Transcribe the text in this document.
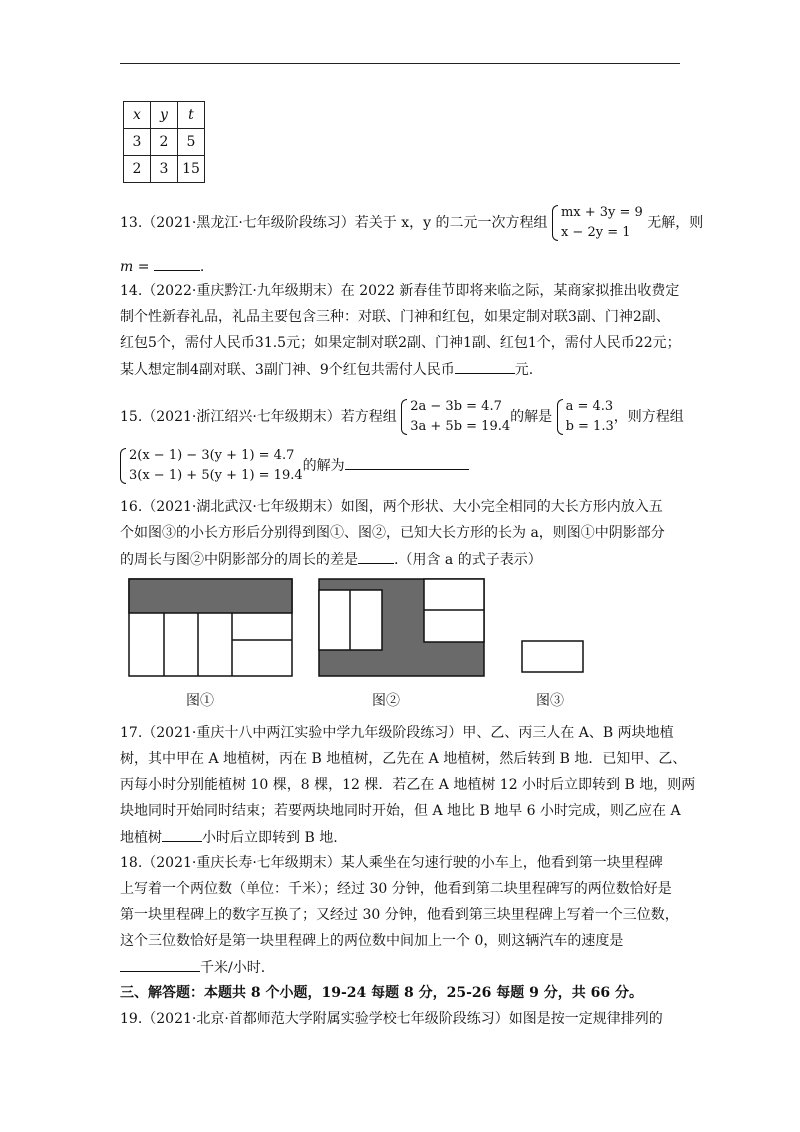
x	y	t
3	2	5
2	3	15
13.（2021·黑龙江·七年级阶段练习）若关于 x，y 的二元一次方程组
mx + 3y = 9
x − 2y = 1
无解，则
m =	.
14.（2022·重庆黔江·九年级期末）在 2022 新春佳节即将来临之际，某商家拟推出收费定
制个性新春礼品，礼品主要包含三种：对联、门神和红包，如果定制对联3副、门神2副、
红包5个，需付人民币31.5元；如果定制对联2副、门神1副、红包1个，需付人民币22元；
某人想定制4副对联、3副门神、9个红包共需付人民币	元.
15.（2021·浙江绍兴·七年级期末）若方程组
2a − 3b = 4.7
3a + 5b = 19.4
的解是
a = 4.3
b = 1.3
，则方程组
2(x − 1) − 3(y + 1) = 4.7
3(x − 1) + 5(y + 1) = 19.4
的解为
16.（2021·湖北武汉·七年级期末）如图，两个形状、大小完全相同的大长方形内放入五
个如图③的小长方形后分别得到图①、图②，已知大长方形的长为 a，则图①中阴影部分
的周长与图②中阴影部分的周长的差是	.（用含 a 的式子表示）
图①	图②	图③
17.（2021·重庆十八中两江实验中学九年级阶段练习）甲、乙、丙三人在 A、B 两块地植
树，其中甲在 A 地植树，丙在 B 地植树，乙先在 A 地植树，然后转到 B 地．已知甲、乙、
丙每小时分别能植树 10 棵，8 棵，12 棵．若乙在 A 地植树 12 小时后立即转到 B 地，则两
块地同时开始同时结束；若要两块地同时开始，但 A 地比 B 地早 6 小时完成，则乙应在 A
地植树	小时后立即转到 B 地.
18.（2021·重庆长寿·七年级期末）某人乘坐在匀速行驶的小车上，他看到第一块里程碑
上写着一个两位数（单位：千米）；经过 30 分钟，他看到第二块里程碑写的两位数恰好是
第一块里程碑上的数字互换了；又经过 30 分钟，他看到第三块里程碑上写着一个三位数，
这个三位数恰好是第一块里程碑上的两位数中间加上一个 0，则这辆汽车的速度是
千米/小时.
三、解答题：本题共 8 个小题，19-24 每题 8 分，25-26 每题 9 分，共 66 分。
19.（2021·北京·首都师范大学附属实验学校七年级阶段练习）如图是按一定规律排列的
